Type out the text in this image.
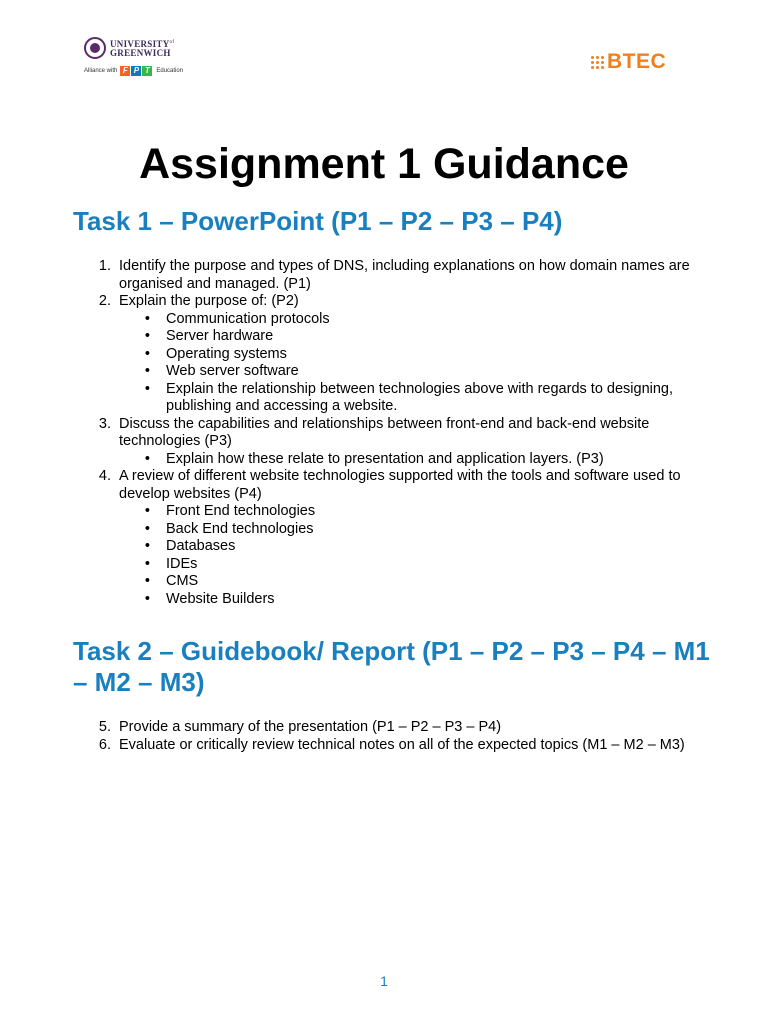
$UNIVERSITY^{of}$
GREENWICH
Alliance with F P T	Education	BTEC
Assignment 1 Guidance
Task 1 – PowerPoint (P1 – P2 – P3 – P4)
1. Identify the purpose and types of DNS, including explanations on how domain names are organised and managed. (P1)
2. Explain the purpose of: (P2)
•	Communication protocols
•	Server hardware
•	Operating systems
•	Web server software
•	Explain the relationship between technologies above with regards to designing, publishing and accessing a website.
3. Discuss the capabilities and relationships between front-end and back-end website technologies (P3)
•	Explain how these relate to presentation and application layers. (P3)
4. A review of different website technologies supported with the tools and software used to develop websites (P4)
•	Front End technologies
•	Back End technologies
•	Databases
•	IDEs
•	CMS
•	Website Builders
Task 2 – Guidebook/ Report (P1 – P2 – P3 – P4 – M1 – M2 – M3)
5. Provide a summary of the presentation (P1 – P2 – P3 – P4)
6. Evaluate or critically review technical notes on all of the expected topics (M1 – M2 – M3)
1
